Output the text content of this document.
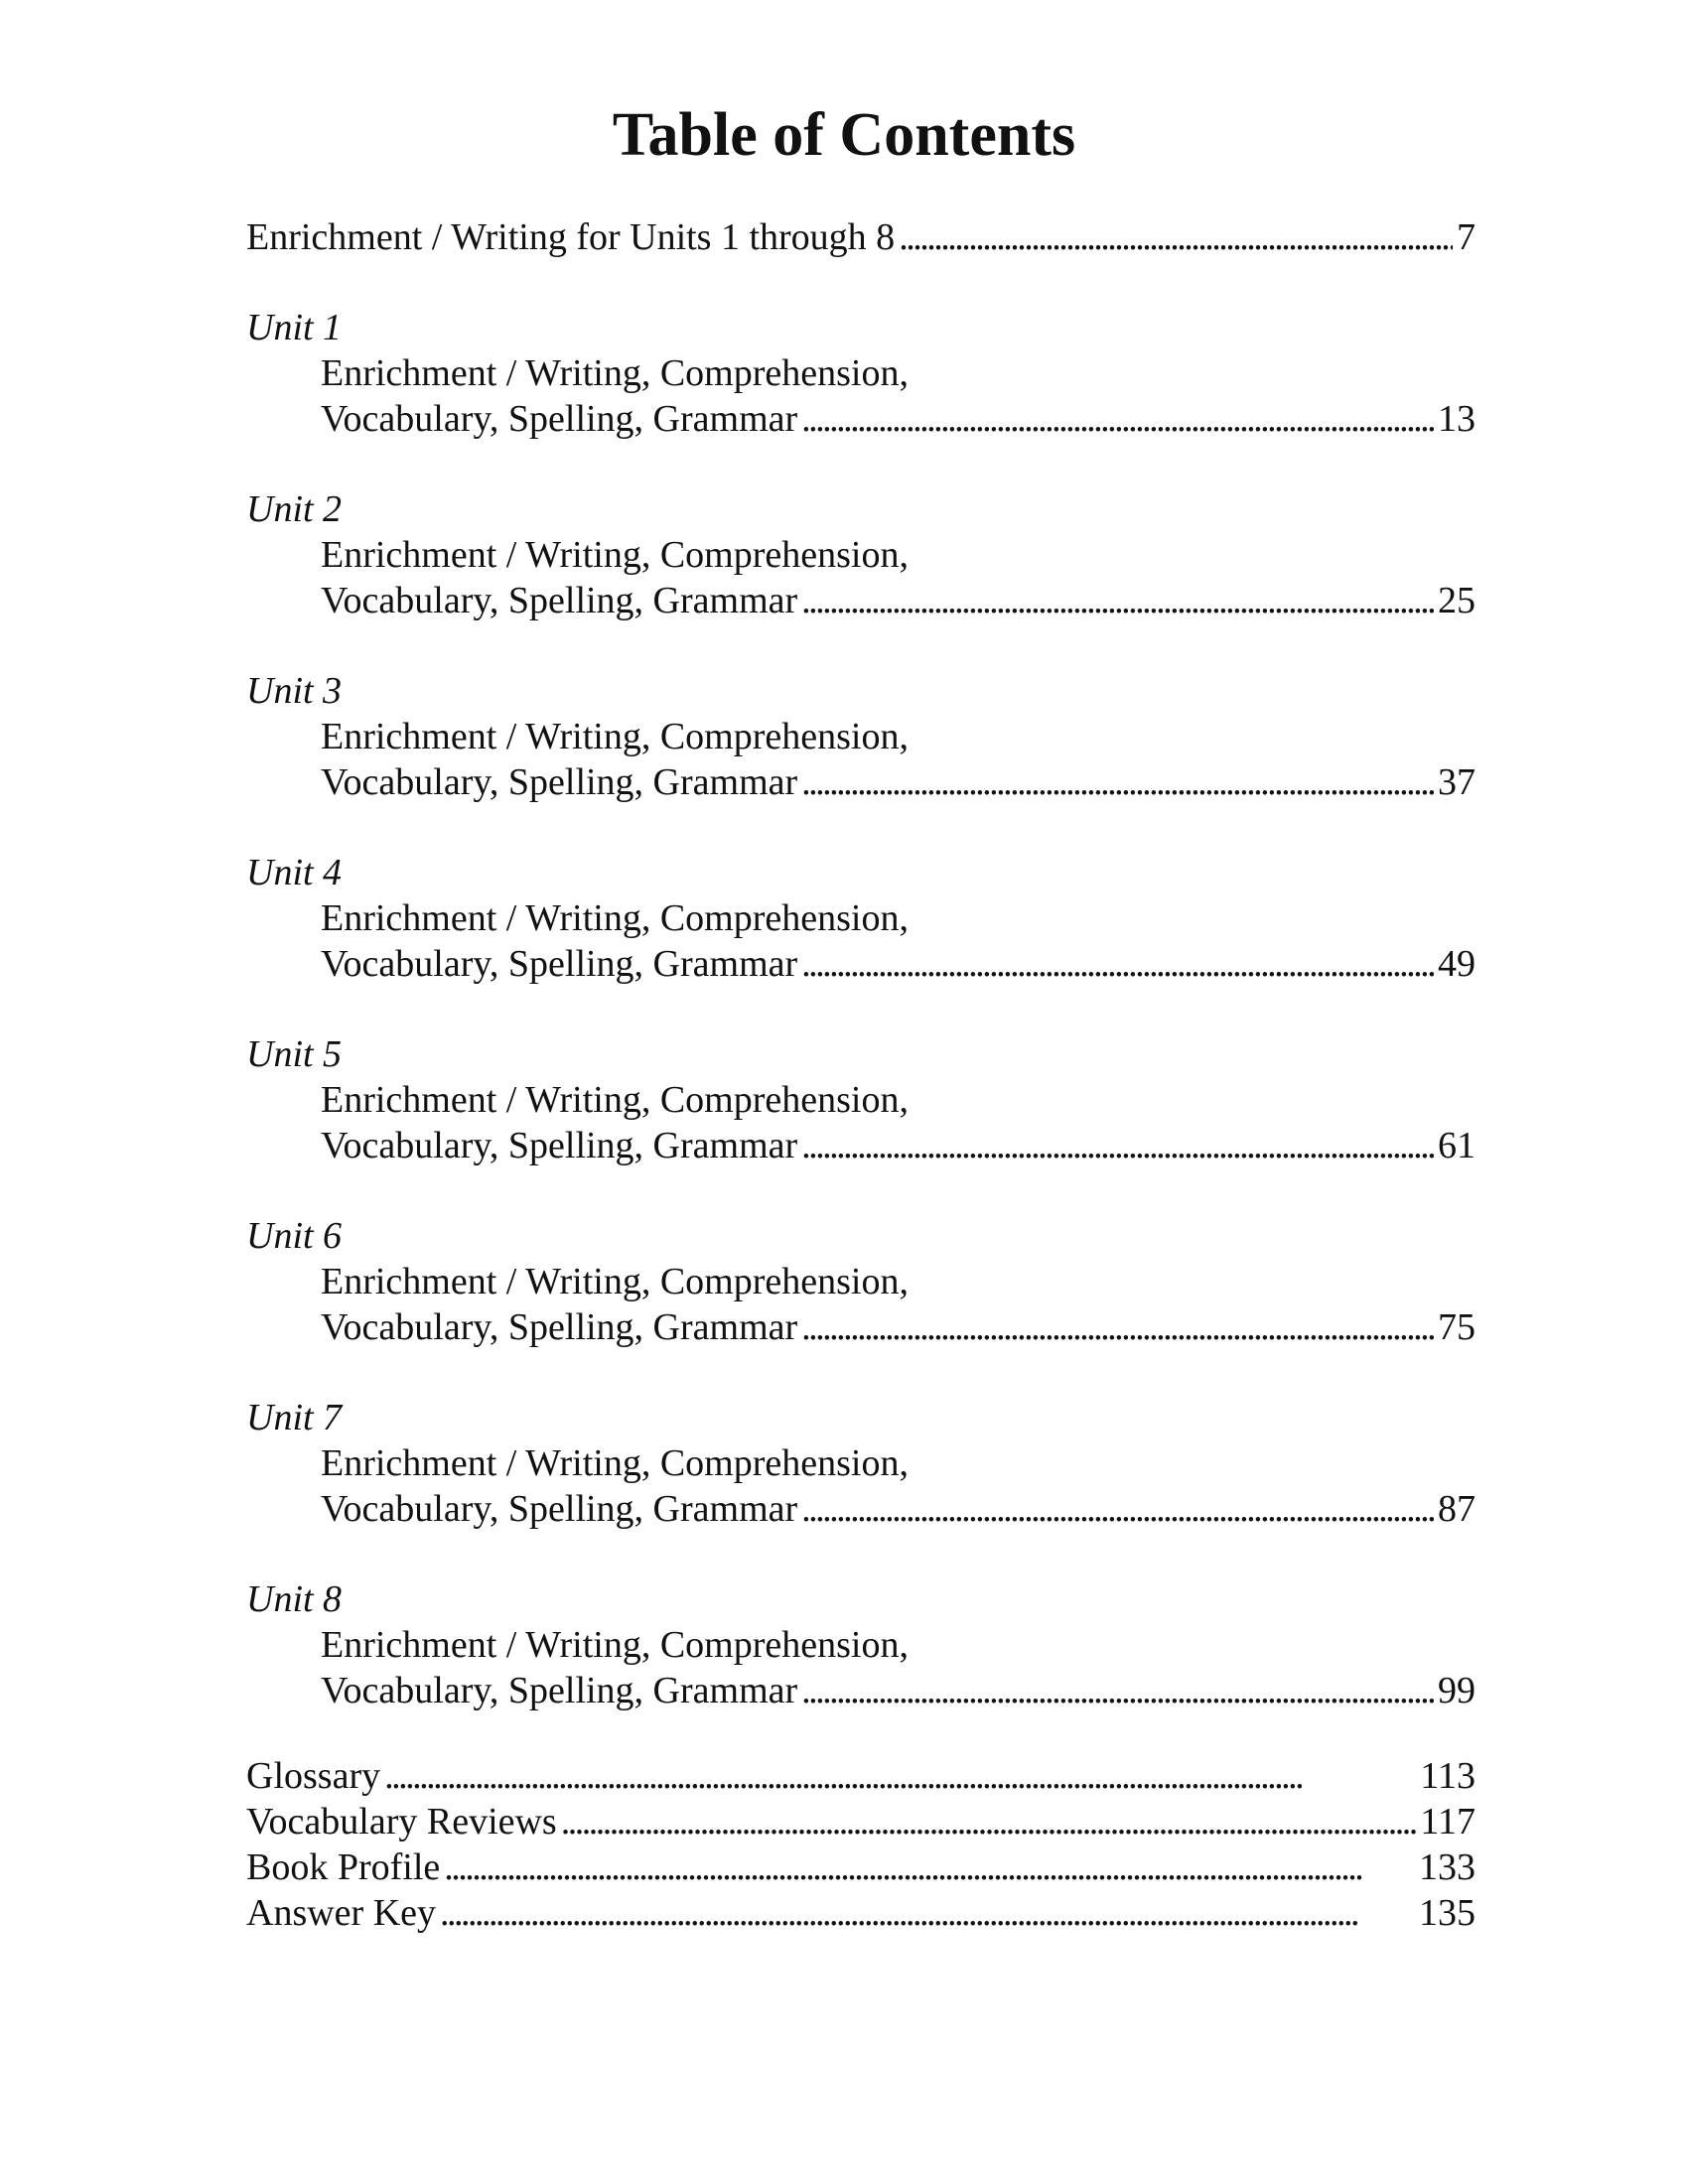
Table of Contents
Enrichment / Writing for Units 1 through 8 . . .	7
Unit 1
Enrichment / Writing, Comprehension,
Vocabulary, Spelling, Grammar . . .	13
Unit 2
Enrichment / Writing, Comprehension,
Vocabulary, Spelling, Grammar . . .	25
Unit 3
Enrichment / Writing, Comprehension,
Vocabulary, Spelling, Grammar . . .	37
Unit 4
Enrichment / Writing, Comprehension,
Vocabulary, Spelling, Grammar . . .	49
Unit 5
Enrichment / Writing, Comprehension,
Vocabulary, Spelling, Grammar . . .	61
Unit 6
Enrichment / Writing, Comprehension,
Vocabulary, Spelling, Grammar . . .	75
Unit 7
Enrichment / Writing, Comprehension,
Vocabulary, Spelling, Grammar . . .	87
Unit 8
Enrichment / Writing, Comprehension,
Vocabulary, Spelling, Grammar . . .	99
Glossary . . .	113
Vocabulary Reviews . . .	117
Book Profile . . .	133
Answer Key . . .	135
